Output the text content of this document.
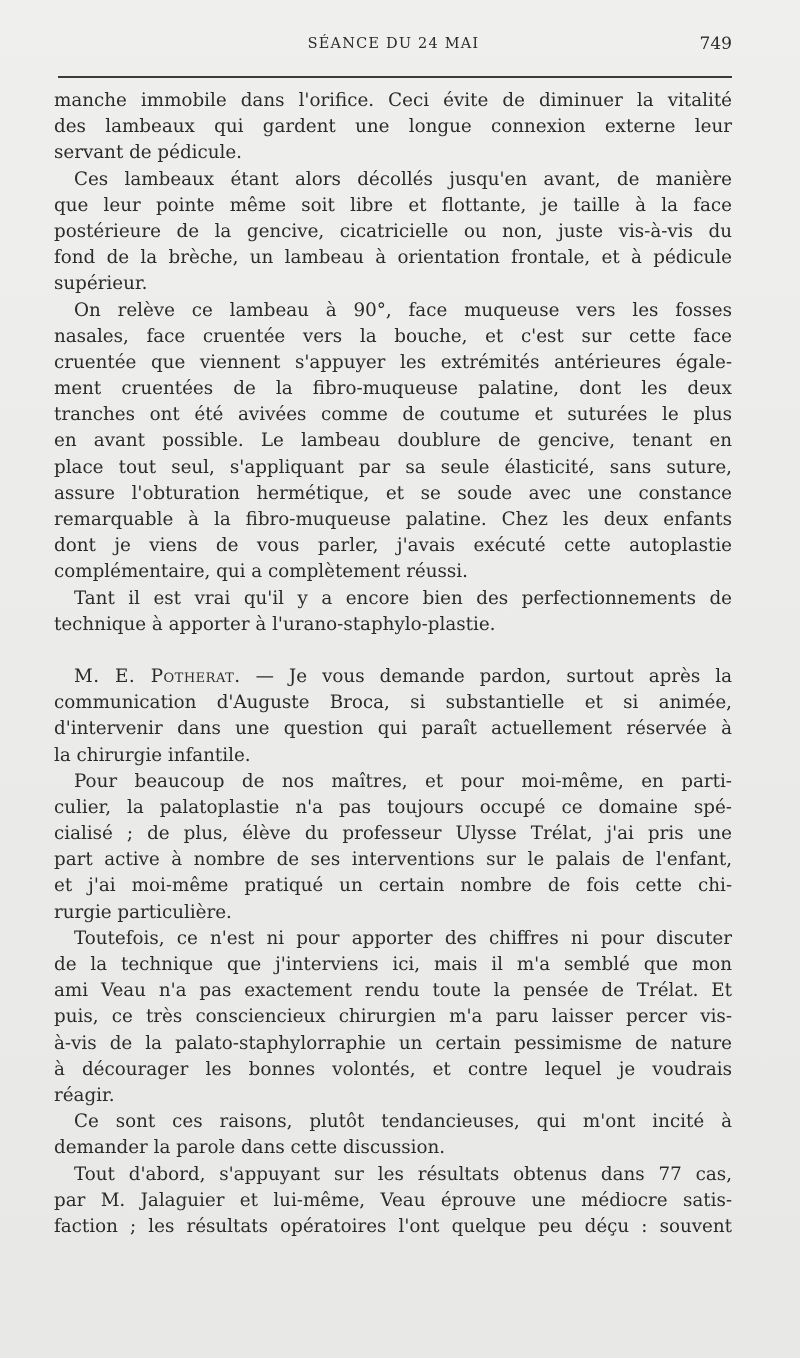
SÉANCE DU 24 MAI	749
manche immobile dans l'orifice. Ceci évite de diminuer la vitalité
des lambeaux qui gardent une longue connexion externe leur
servant de pédicule.
Ces lambeaux étant alors décollés jusqu'en avant, de manière
que leur pointe même soit libre et flottante, je taille à la face
postérieure de la gencive, cicatricielle ou non, juste vis-à-vis du
fond de la brèche, un lambeau à orientation frontale, et à pédicule
supérieur.
On relève ce lambeau à 90°, face muqueuse vers les fosses
nasales, face cruentée vers la bouche, et c'est sur cette face
cruentée que viennent s'appuyer les extrémités antérieures égale-
ment cruentées de la fibro-muqueuse palatine, dont les deux
tranches ont été avivées comme de coutume et suturées le plus
en avant possible. Le lambeau doublure de gencive, tenant en
place tout seul, s'appliquant par sa seule élasticité, sans suture,
assure l'obturation hermétique, et se soude avec une constance
remarquable à la fibro-muqueuse palatine. Chez les deux enfants
dont je viens de vous parler, j'avais exécuté cette autoplastie
complémentaire, qui a complètement réussi.
Tant il est vrai qu'il y a encore bien des perfectionnements de
technique à apporter à l'urano-staphylo-plastie.
M. E. Potherat. — Je vous demande pardon, surtout après la
communication d'Auguste Broca, si substantielle et si animée,
d'intervenir dans une question qui paraît actuellement réservée à
la chirurgie infantile.
Pour beaucoup de nos maîtres, et pour moi-même, en parti-
culier, la palatoplastie n'a pas toujours occupé ce domaine spé-
cialisé ; de plus, élève du professeur Ulysse Trélat, j'ai pris une
part active à nombre de ses interventions sur le palais de l'enfant,
et j'ai moi-même pratiqué un certain nombre de fois cette chi-
rurgie particulière.
Toutefois, ce n'est ni pour apporter des chiffres ni pour discuter
de la technique que j'interviens ici, mais il m'a semblé que mon
ami Veau n'a pas exactement rendu toute la pensée de Trélat. Et
puis, ce très consciencieux chirurgien m'a paru laisser percer vis-
à-vis de la palato-staphylorraphie un certain pessimisme de nature
à décourager les bonnes volontés, et contre lequel je voudrais
réagir.
Ce sont ces raisons, plutôt tendancieuses, qui m'ont incité à
demander la parole dans cette discussion.
Tout d'abord, s'appuyant sur les résultats obtenus dans 77 cas,
par M. Jalaguier et lui-même, Veau éprouve une médiocre satis-
faction ; les résultats opératoires l'ont quelque peu déçu : souvent
